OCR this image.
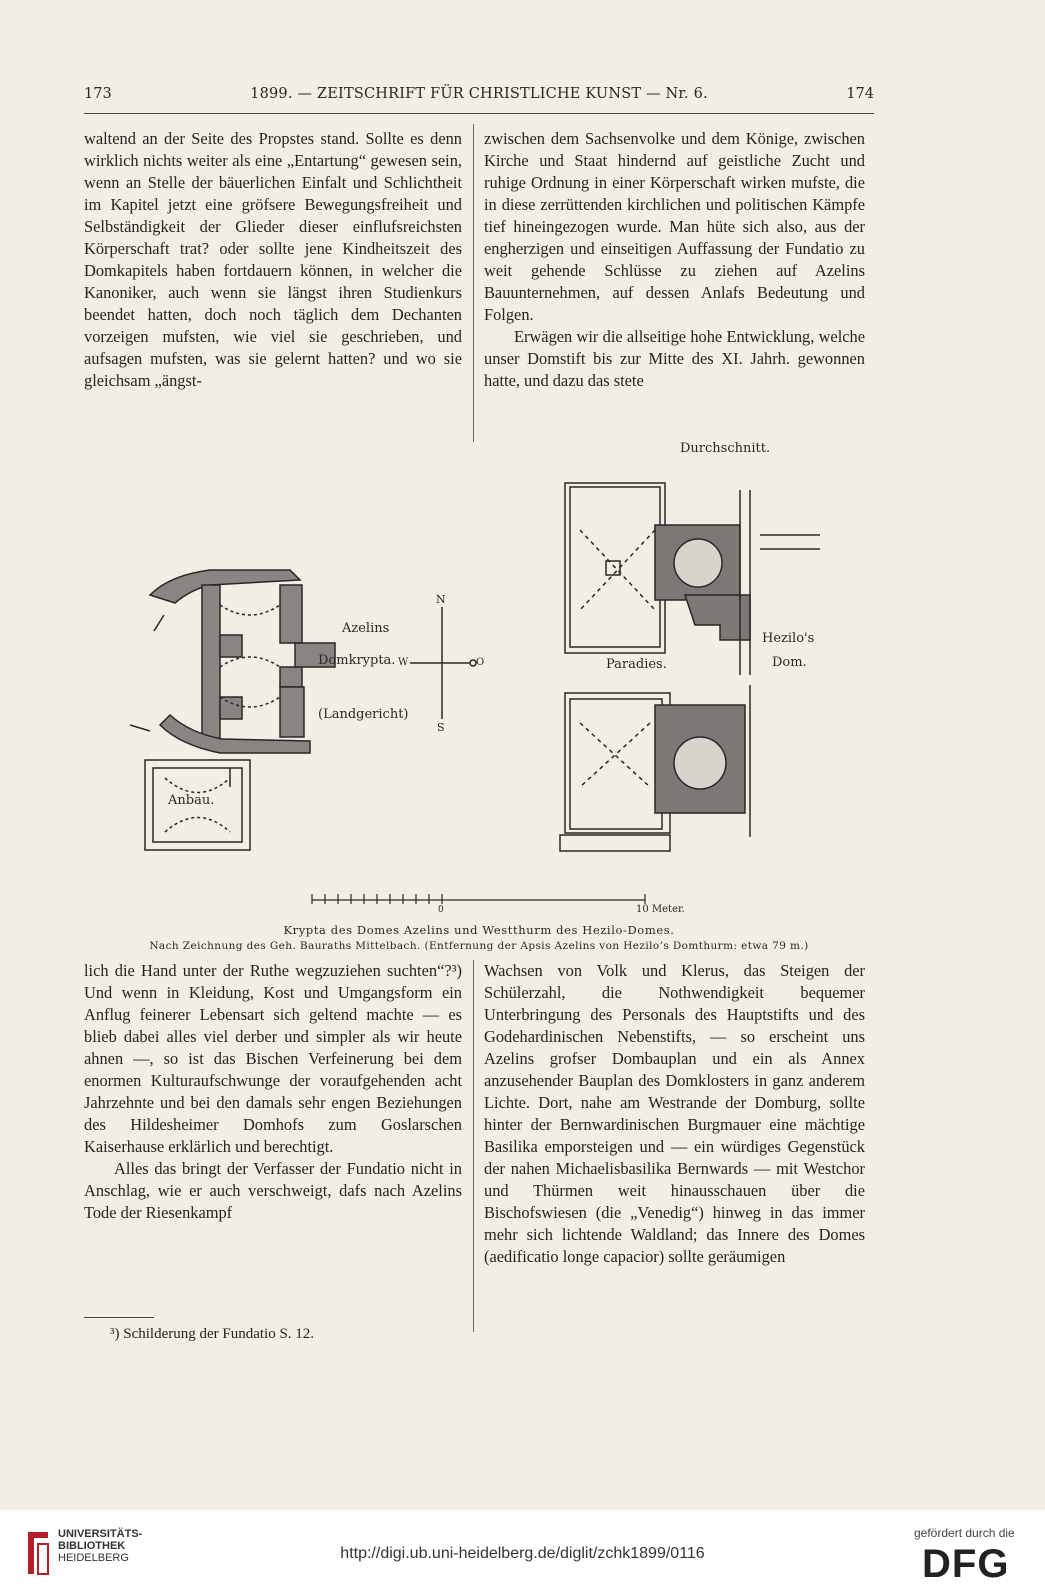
173	1899. — ZEITSCHRIFT FÜR CHRISTLICHE KUNST — Nr. 6.	174

waltend an der Seite des Propstes stand. Sollte es denn wirklich nichts weiter als eine „Entartung“ gewesen sein, wenn an Stelle der bäuerlichen Einfalt und Schlichtheit im Kapitel jetzt eine gröfsere Bewegungsfreiheit und Selbständigkeit der Glieder dieser einflufsreichsten Körperschaft trat? oder sollte jene Kindheitszeit des Domkapitels haben fortdauern können, in welcher die Kanoniker, auch wenn sie längst ihren Studienkurs beendet hatten, doch noch täglich dem Dechanten vorzeigen mufsten, wie viel sie geschrieben, und aufsagen mufsten, was sie gelernt hatten? und wo sie gleichsam „ängst-

zwischen dem Sachsenvolke und dem Könige, zwischen Kirche und Staat hindernd auf geistliche Zucht und ruhige Ordnung in einer Körperschaft wirken mufste, die in diese zerrüttenden kirchlichen und politischen Kämpfe tief hineingezogen wurde. Man hüte sich also, aus der engherzigen und einseitigen Auffassung der Fundatio zu weit gehende Schlüsse zu ziehen auf Azelins Bauunternehmen, auf dessen Anlafs Bedeutung und Folgen.

Erwägen wir die allseitige hohe Entwicklung, welche unser Domstift bis zur Mitte des XI. Jahrh. gewonnen hatte, und dazu das stete

Durchschnitt.
Azelins
Domkrypta.
(Landgericht)
Anbau.
Hezilo's
Dom.
Paradies.
N
S
W	O
0	10 Meter.
Krypta des Domes Azelins und Westthurm des Hezilo-Domes.
Nach Zeichnung des Geh. Bauraths Mittelbach. (Entfernung der Apsis Azelins von Hezilo’s Domthurm: etwa 79 m.)

lich die Hand unter der Ruthe wegzuziehen suchten“?³) Und wenn in Kleidung, Kost und Umgangsform ein Anflug feinerer Lebensart sich geltend machte — es blieb dabei alles viel derber und simpler als wir heute ahnen —, so ist das Bischen Verfeinerung bei dem enormen Kulturaufschwunge der voraufgehenden acht Jahrzehnte und bei den damals sehr engen Beziehungen des Hildesheimer Domhofs zum Goslarschen Kaiserhause erklärlich und berechtigt.

Alles das bringt der Verfasser der Fundatio nicht in Anschlag, wie er auch verschweigt, dafs nach Azelins Tode der Riesenkampf

³) Schilderung der Fundatio S. 12.

Wachsen von Volk und Klerus, das Steigen der Schülerzahl, die Nothwendigkeit bequemer Unterbringung des Personals des Hauptstifts und des Godehardinischen Nebenstifts, — so erscheint uns Azelins grofser Dombauplan und ein als Annex anzusehender Bauplan des Domklosters in ganz anderem Lichte. Dort, nahe am Westrande der Domburg, sollte hinter der Bernwardinischen Burgmauer eine mächtige Basilika emporsteigen und — ein würdiges Gegenstück der nahen Michaelisbasilika Bernwards — mit Westchor und Thürmen weit hinausschauen über die Bischofswiesen (die „Venedig“) hinweg in das immer mehr sich lichtende Waldland; das Innere des Domes (aedificatio longe capacior) sollte geräumigen

UNIVERSITÄTS-
BIBLIOTHEK
HEIDELBERG	http://digi.ub.uni-heidelberg.de/diglit/zchk1899/0116
gefördert durch die
DFG
